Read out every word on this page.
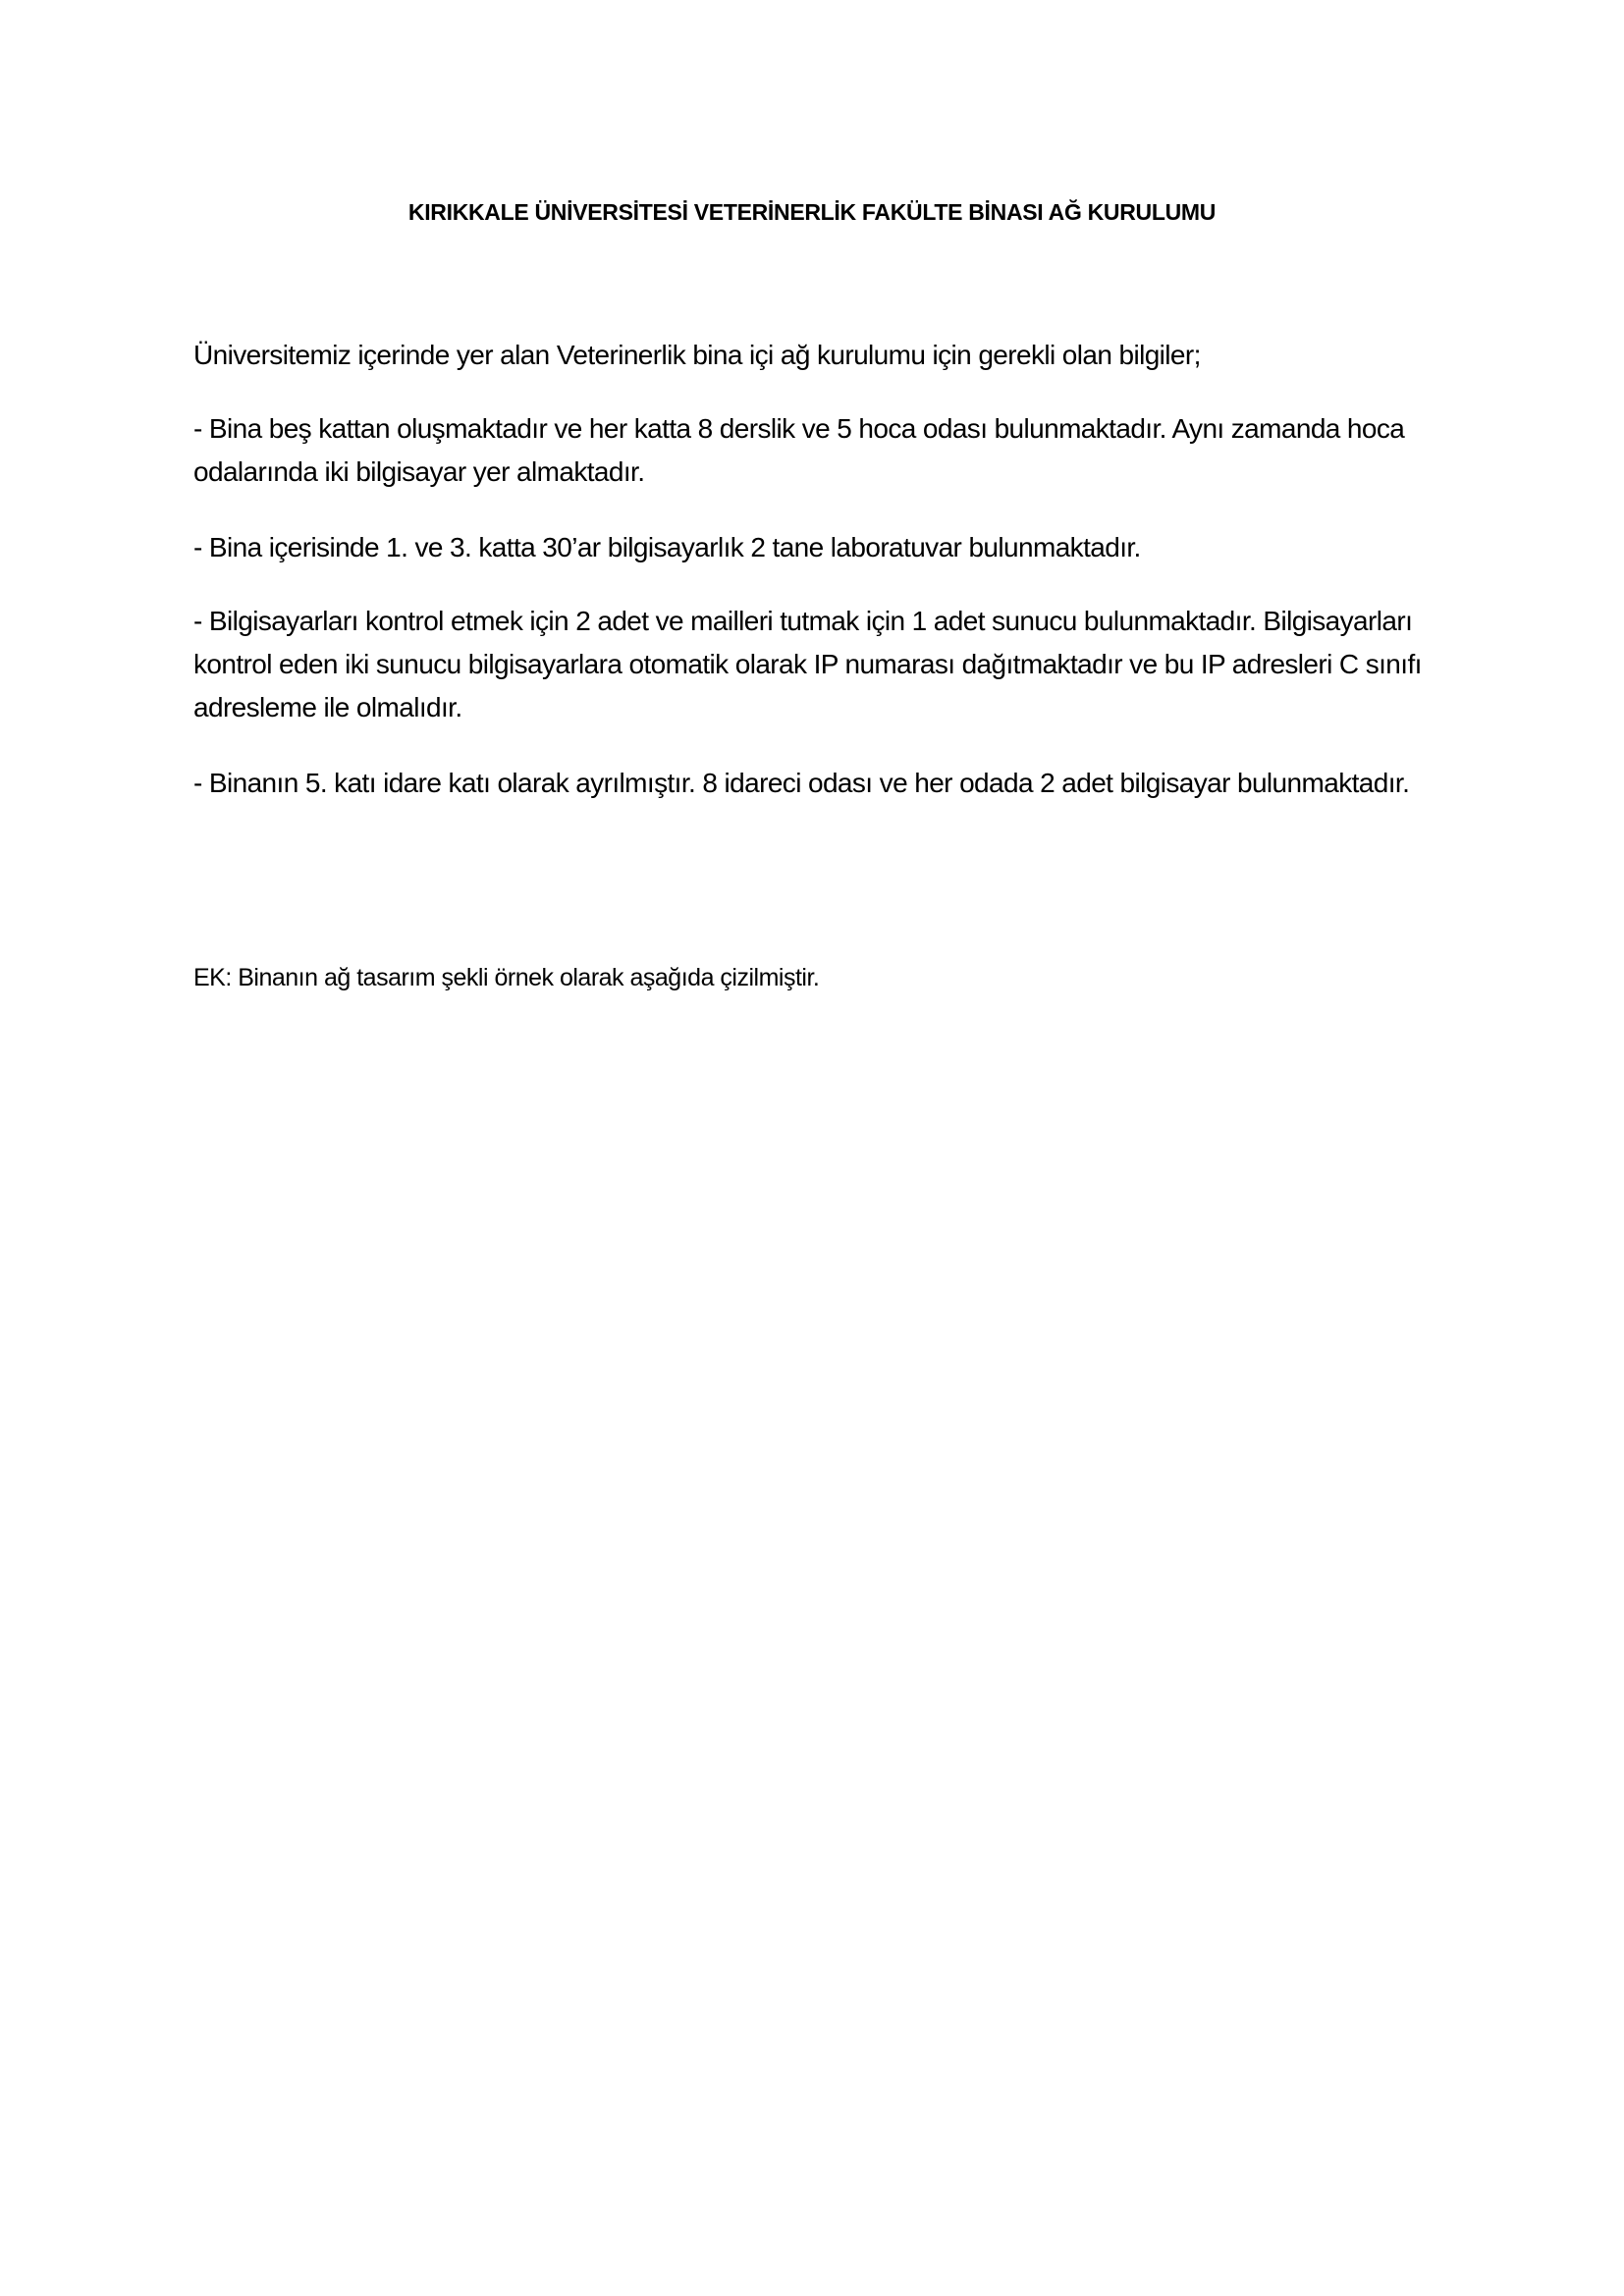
KIRIKKALE ÜNİVERSİTESİ VETERİNERLİK FAKÜLTE BİNASI AĞ KURULUMU

Üniversitemiz içerinde yer alan Veterinerlik bina içi ağ kurulumu için gerekli olan bilgiler;

- Bina beş kattan oluşmaktadır ve her katta 8 derslik ve 5 hoca odası bulunmaktadır. Aynı zamanda hoca odalarında iki bilgisayar yer almaktadır.

- Bina içerisinde 1. ve 3. katta 30’ar bilgisayarlık 2 tane laboratuvar bulunmaktadır.

- Bilgisayarları kontrol etmek için 2 adet ve mailleri tutmak için 1 adet sunucu bulunmaktadır. Bilgisayarları kontrol eden iki sunucu bilgisayarlara otomatik olarak IP numarası dağıtmaktadır ve bu IP adresleri C sınıfı adresleme ile olmalıdır.

- Binanın 5. katı idare katı olarak ayrılmıştır. 8 idareci odası ve her odada 2 adet bilgisayar bulunmaktadır.

EK: Binanın ağ tasarım şekli örnek olarak aşağıda çizilmiştir.
